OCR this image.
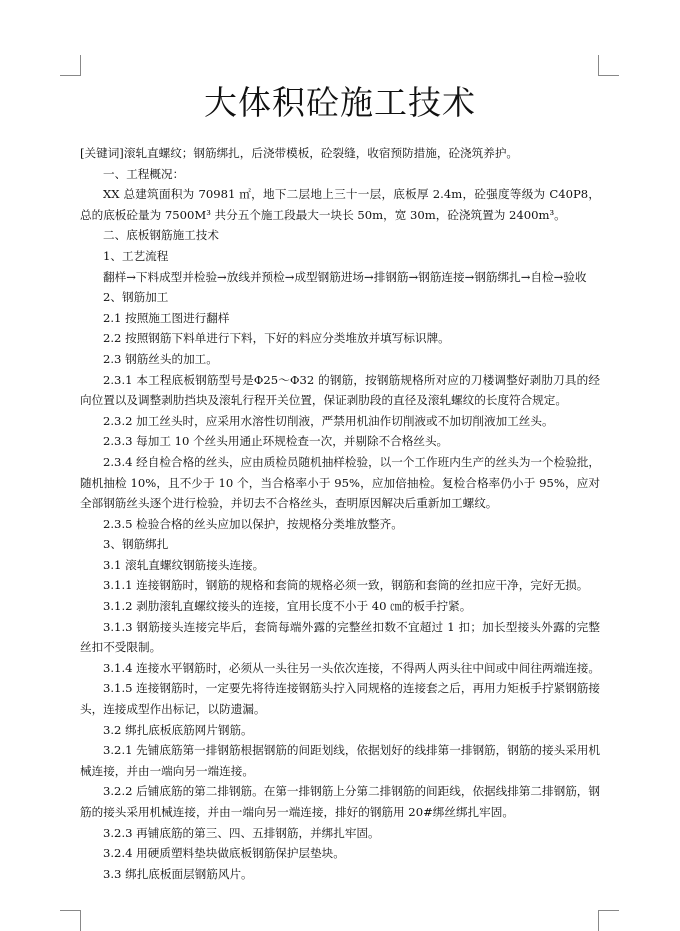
大体积砼施工技术

[关键词]滚轧直螺纹；钢筋绑扎，后浇带模板，砼裂缝，收宿预防措施，砼浇筑养护。

一、工程概况：

XX 总建筑面积为 70981 ㎡，地下二层地上三十一层，底板厚 2.4m，砼强度等级为 C40P8，总的底板砼量为 7500M³ 共分五个施工段最大一块长 50m，宽 30m，砼浇筑置为 2400m³。

二、底板钢筋施工技术

1、工艺流程

翻样→下料成型并检验→放线并预检→成型钢筋进场→排钢筋→钢筋连接→钢筋绑扎→自检→验收

2、钢筋加工

2.1 按照施工图进行翻样

2.2 按照钢筋下料单进行下料，下好的料应分类堆放并填写标识牌。

2.3 钢筋丝头的加工。

2.3.1 本工程底板钢筋型号是Φ25～Φ32 的钢筋，按钢筋规格所对应的刀楼调整好剥肋刀具的经向位置以及调整剥肋挡块及滚轧行程开关位置，保证剥肋段的直径及滚轧螺纹的长度符合规定。

2.3.2 加工丝头时，应采用水溶性切削液，严禁用机油作切削液或不加切削液加工丝头。

2.3.3 每加工 10 个丝头用通止环规检查一次，并剔除不合格丝头。

2.3.4 经自检合格的丝头，应由质检员随机抽样检验，以一个工作班内生产的丝头为一个检验批，随机抽检 10%，且不少于 10 个，当合格率小于 95%，应加倍抽检。复检合格率仍小于 95%，应对全部钢筋丝头逐个进行检验，并切去不合格丝头，查明原因解决后重新加工螺纹。

2.3.5 检验合格的丝头应加以保护，按规格分类堆放整齐。

3、钢筋绑扎

3.1 滚轧直螺纹钢筋接头连接。

3.1.1 连接钢筋时，钢筋的规格和套筒的规格必须一致，钢筋和套筒的丝扣应干净，完好无损。

3.1.2 剥肋滚轧直螺纹接头的连接，宜用长度不小于 40 ㎝的板手拧紧。

3.1.3 钢筋接头连接完毕后，套筒每端外露的完整丝扣数不宜超过 1 扣；加长型接头外露的完整丝扣不受限制。

3.1.4 连接水平钢筋时，必须从一头往另一头依次连接，不得两人两头往中间或中间往两端连接。

3.1.5 连接钢筋时，一定要先将待连接钢筋头拧入同规格的连接套之后，再用力矩板手拧紧钢筋接头，连接成型作出标记，以防遗漏。

3.2 绑扎底板底筋网片钢筋。

3.2.1 先铺底筋第一排钢筋根据钢筋的间距划线，依据划好的线排第一排钢筋，钢筋的接头采用机械连接，并由一端向另一端连接。

3.2.2 后铺底筋的第二排钢筋。在第一排钢筋上分第二排钢筋的间距线，依据线排第二排钢筋，钢筋的接头采用机械连接，并由一端向另一端连接，排好的钢筋用 20#绑丝绑扎牢固。

3.2.3 再铺底筋的第三、四、五排钢筋，并绑扎牢固。

3.2.4 用硬质塑料垫块做底板钢筋保护层垫块。

3.3 绑扎底板面层钢筋风片。
